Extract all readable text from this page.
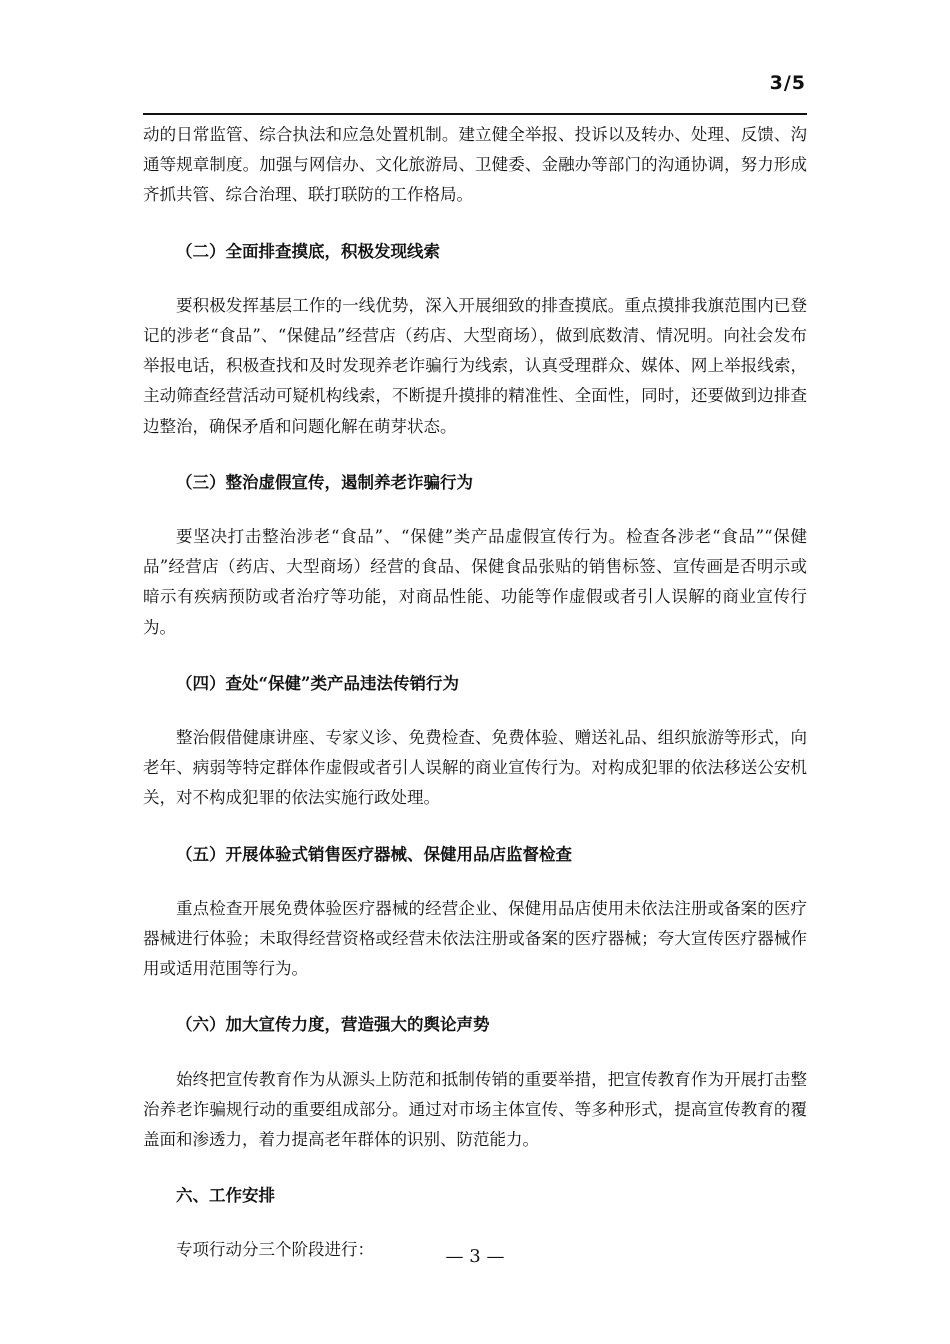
3/5

动的日常监管、综合执法和应急处置机制。建立健全举报、投诉以及转办、处理、反馈、沟通等规章制度。加强与网信办、文化旅游局、卫健委、金融办等部门的沟通协调，努力形成齐抓共管、综合治理、联打联防的工作格局。

（二）全面排查摸底，积极发现线索

要积极发挥基层工作的一线优势，深入开展细致的排查摸底。重点摸排我旗范围内已登记的涉老“食品”、“保健品”经营店（药店、大型商场），做到底数清、情况明。向社会发布举报电话，积极查找和及时发现养老诈骗行为线索，认真受理群众、媒体、网上举报线索，主动筛查经营活动可疑机构线索，不断提升摸排的精准性、全面性，同时，还要做到边排查边整治，确保矛盾和问题化解在萌芽状态。

（三）整治虚假宣传，遏制养老诈骗行为

要坚决打击整治涉老“食品”、“保健”类产品虚假宣传行为。检查各涉老“食品”“保健品”经营店（药店、大型商场）经营的食品、保健食品张贴的销售标签、宣传画是否明示或暗示有疾病预防或者治疗等功能，对商品性能、功能等作虚假或者引人误解的商业宣传行为。

（四）查处“保健”类产品违法传销行为

整治假借健康讲座、专家义诊、免费检查、免费体验、赠送礼品、组织旅游等形式，向老年、病弱等特定群体作虚假或者引人误解的商业宣传行为。对构成犯罪的依法移送公安机关，对不构成犯罪的依法实施行政处理。

（五）开展体验式销售医疗器械、保健用品店监督检查

重点检查开展免费体验医疗器械的经营企业、保健用品店使用未依法注册或备案的医疗器械进行体验；未取得经营资格或经营未依法注册或备案的医疗器械；夸大宣传医疗器械作用或适用范围等行为。

（六）加大宣传力度，营造强大的舆论声势

始终把宣传教育作为从源头上防范和抵制传销的重要举措，把宣传教育作为开展打击整治养老诈骗规行动的重要组成部分。通过对市场主体宣传、等多种形式，提高宣传教育的覆盖面和渗透力，着力提高老年群体的识别、防范能力。

六、工作安排

专项行动分三个阶段进行：	— 3 —
